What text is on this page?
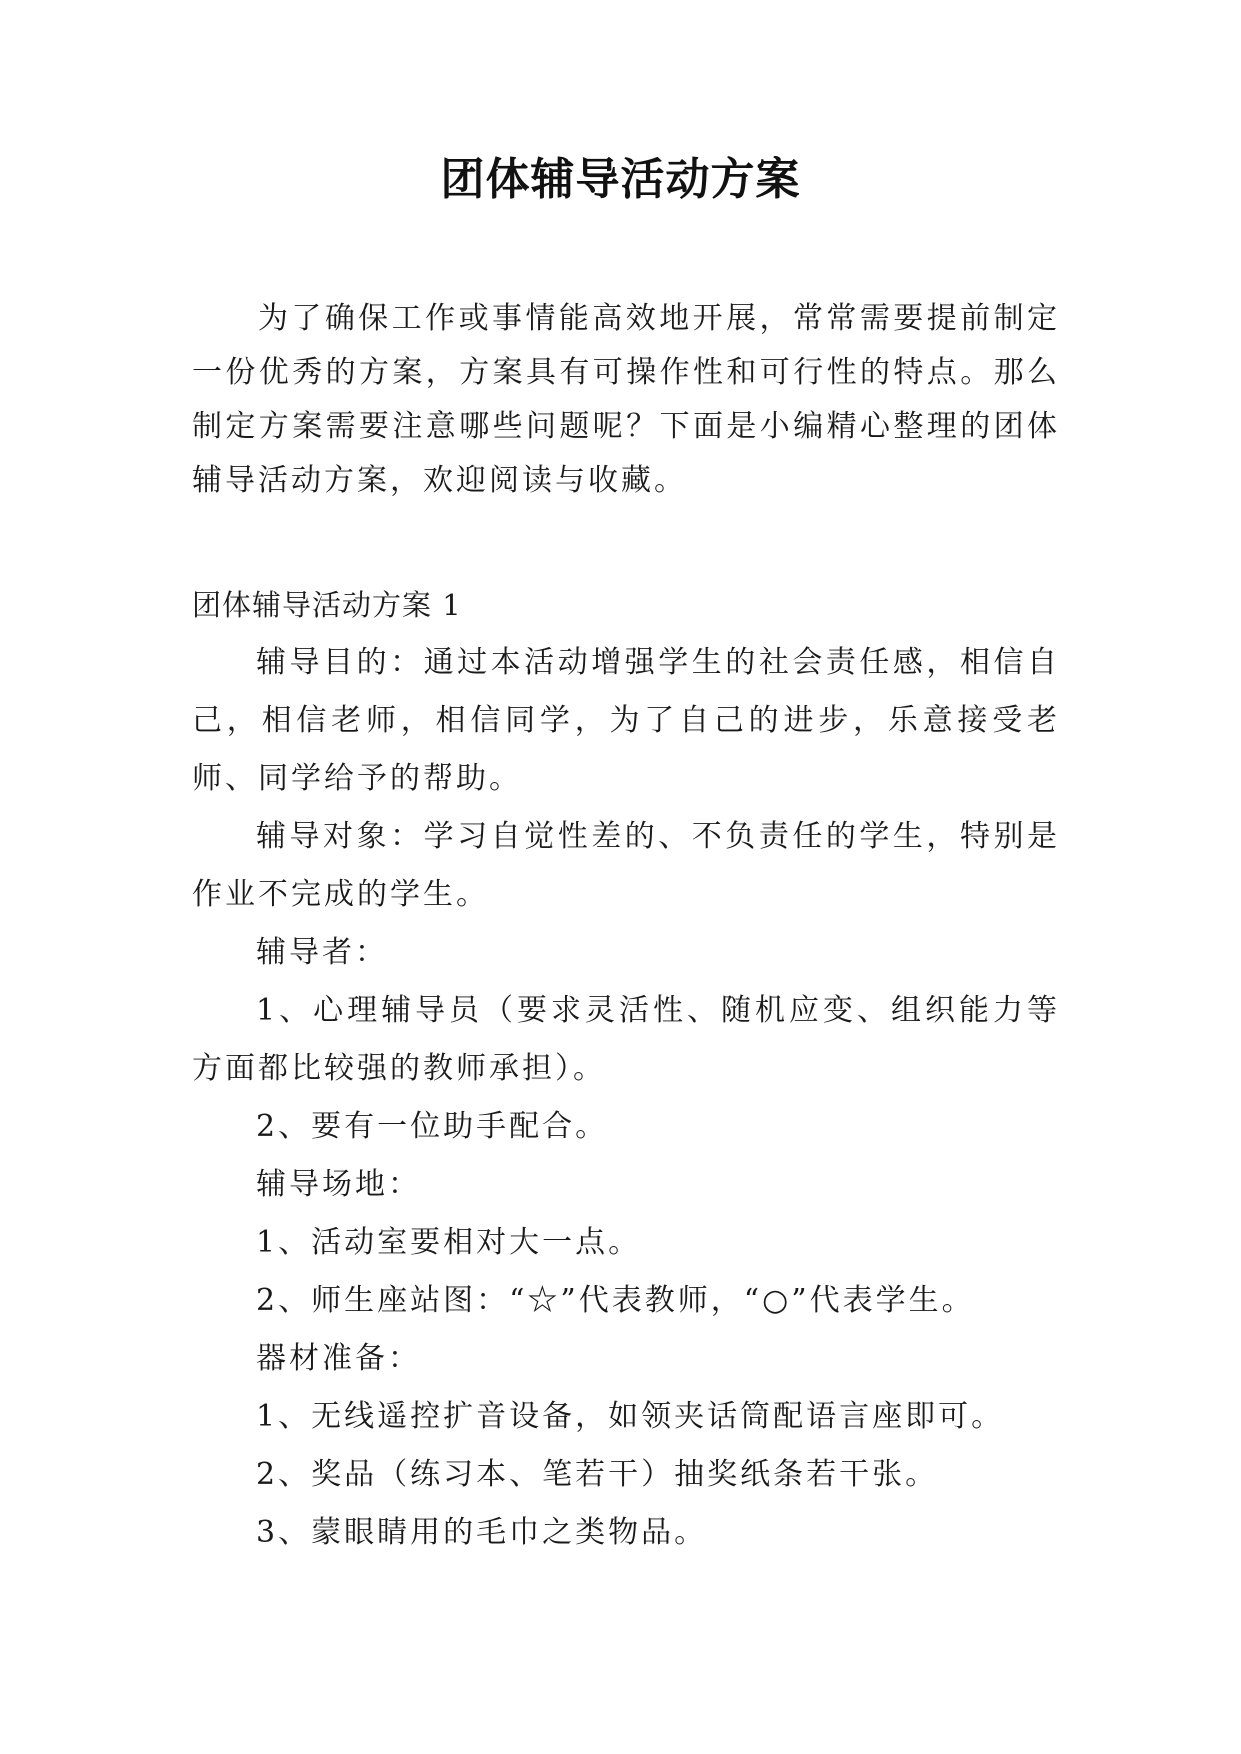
团体辅导活动方案

为了确保工作或事情能高效地开展，常常需要提前制定一份优秀的方案，方案具有可操作性和可行性的特点。那么制定方案需要注意哪些问题呢？下面是小编精心整理的团体辅导活动方案，欢迎阅读与收藏。

团体辅导活动方案 1

辅导目的：通过本活动增强学生的社会责任感，相信自己，相信老师，相信同学，为了自己的进步，乐意接受老师、同学给予的帮助。

辅导对象：学习自觉性差的、不负责任的学生，特别是作业不完成的学生。

辅导者：

1、心理辅导员（要求灵活性、随机应变、组织能力等方面都比较强的教师承担）。

2、要有一位助手配合。

辅导场地：

1、活动室要相对大一点。

2、师生座站图：“☆”代表教师，“○”代表学生。

器材准备：

1、无线遥控扩音设备，如领夹话筒配语言座即可。

2、奖品（练习本、笔若干）抽奖纸条若干张。

3、蒙眼睛用的毛巾之类物品。
